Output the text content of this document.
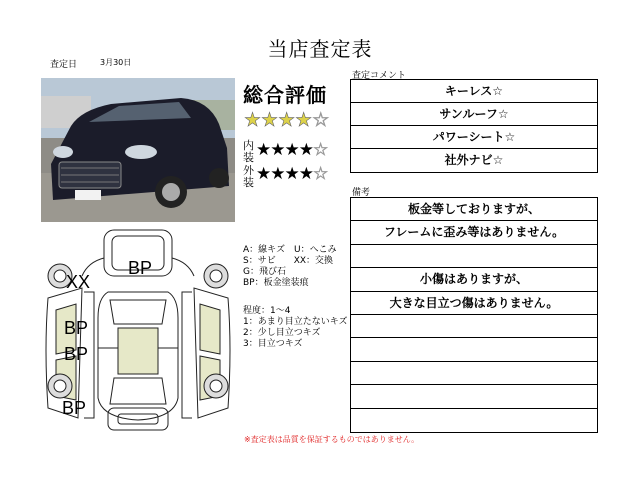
当店査定表
査定日	3月30日
総合評価
★★★★☆
内装 ★★★★☆
外装 ★★★★☆
査定コメント
キーレス☆
サンルーフ☆
パワーシート☆
社外ナビ☆
備考
板金等しておりますが、
フレームに歪み等はありません。
小傷はありますが、
大きな目立つ傷はありません。
BP
XX
BP
BP
BP
A：線キズ　U：へこみ
S：サビ　　XX：交換
G：飛び石
BP：板金塗装痕
程度：1～4
1：あまり目立たないキズ
2：少し目立つキズ
3：目立つキズ
※査定表は品質を保証するものではありません。
